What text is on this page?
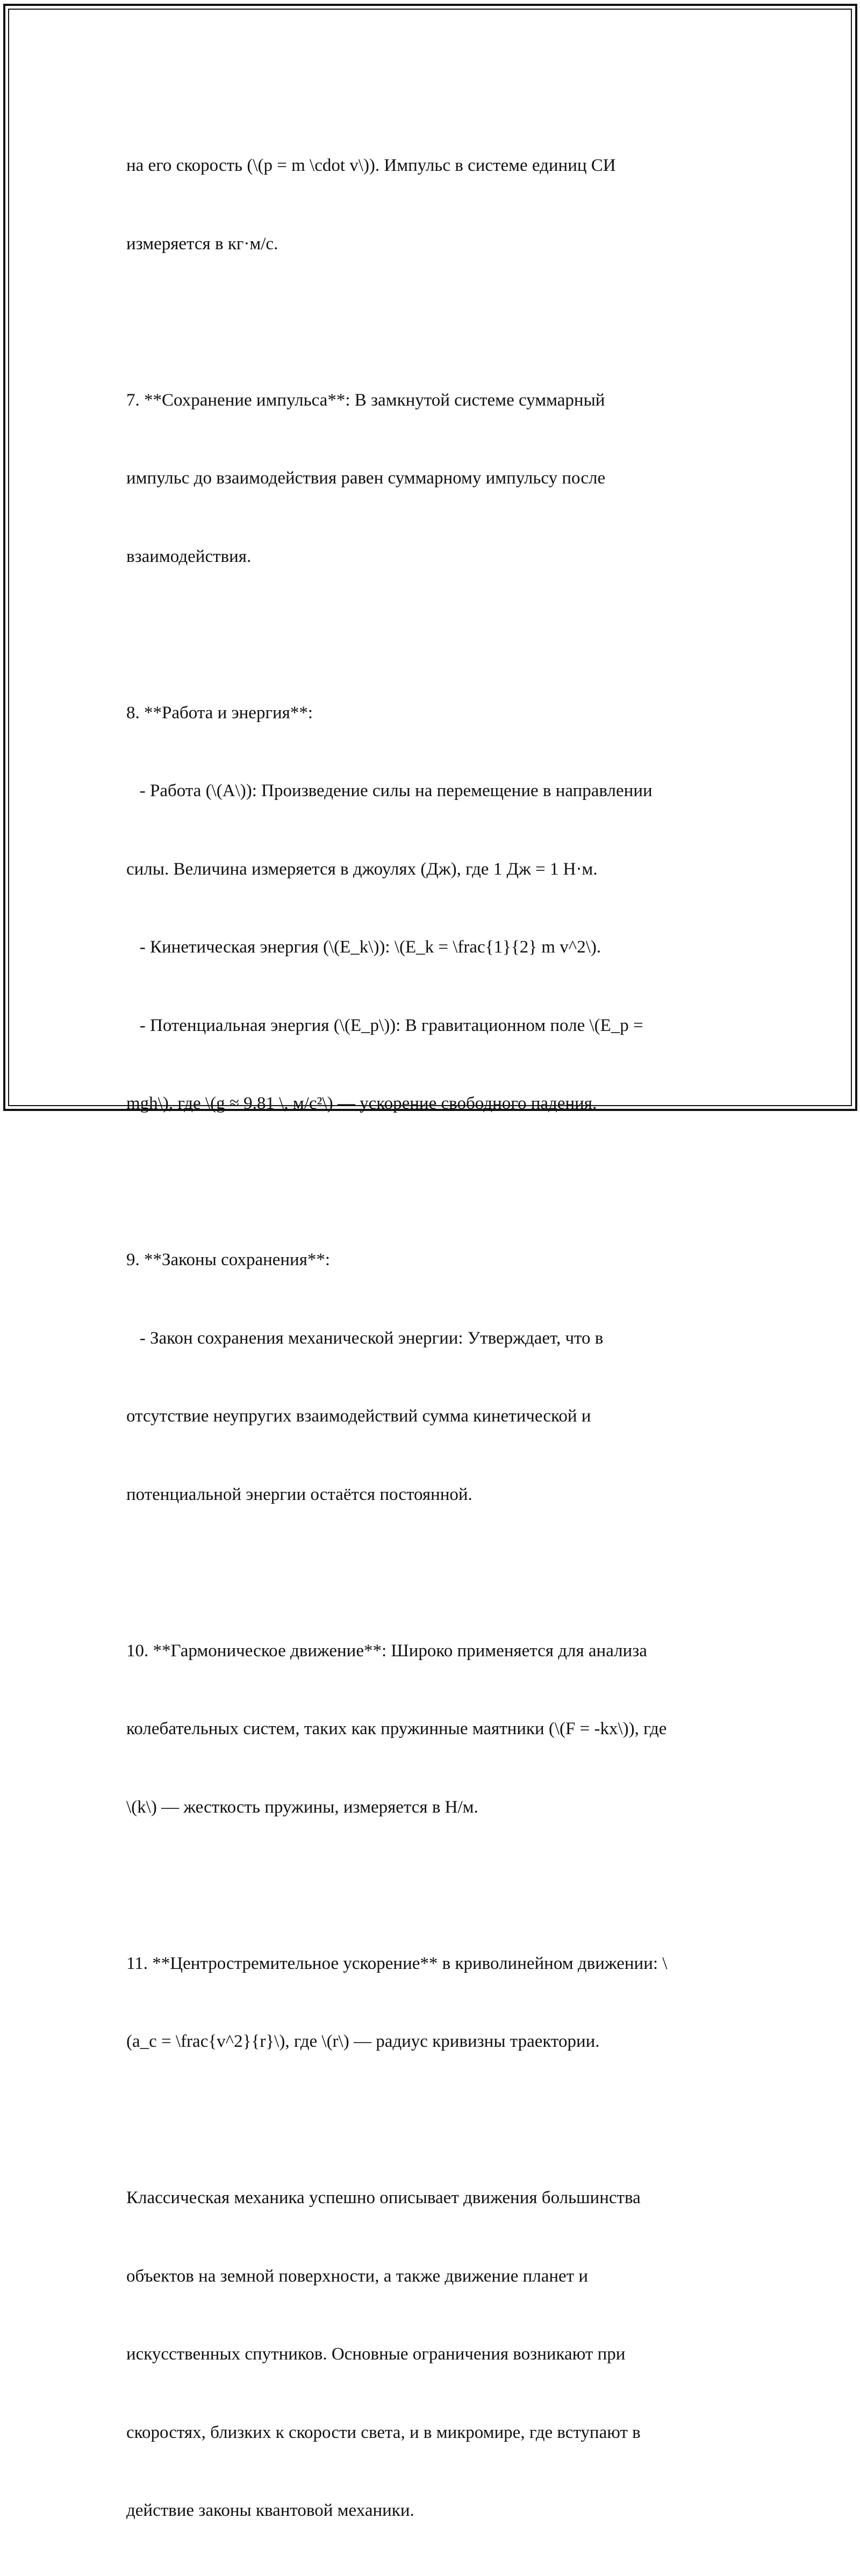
на его скорость (\(p = m \cdot v\)). Импульс в системе единиц СИ

измеряется в кг·м/с.

7. **Сохранение импульса**: В замкнутой системе суммарный

импульс до взаимодействия равен суммарному импульсу после

взаимодействия.

8. **Работа и энергия**:

- Работа (\(A\)): Произведение силы на перемещение в направлении

силы. Величина измеряется в джоулях (Дж), где 1 Дж = 1 Н·м.

- Кинетическая энергия (\(E_k\)): \(E_k = \frac{1}{2} m v^2\).

- Потенциальная энергия (\(E_p\)): В гравитационном поле \(E_p =

mgh\), где \(g ≈ 9.81 \, м/с²\) — ускорение свободного падения.

9. **Законы сохранения**:

- Закон сохранения механической энергии: Утверждает, что в

отсутствие неупругих взаимодействий сумма кинетической и

потенциальной энергии остаётся постоянной.

10. **Гармоническое движение**: Широко применяется для анализа

колебательных систем, таких как пружинные маятники (\(F = -kx\)), где

\(k\) — жесткость пружины, измеряется в Н/м.

11. **Центростремительное ускорение** в криволинейном движении: \

(a_c = \frac{v^2}{r}\), где \(r\) — радиус кривизны траектории.

Классическая механика успешно описывает движения большинства

объектов на земной поверхности, а также движение планет и

искусственных спутников. Основные ограничения возникают при

скоростях, близких к скорости света, и в микромире, где вступают в

действие законы квантовой механики.
